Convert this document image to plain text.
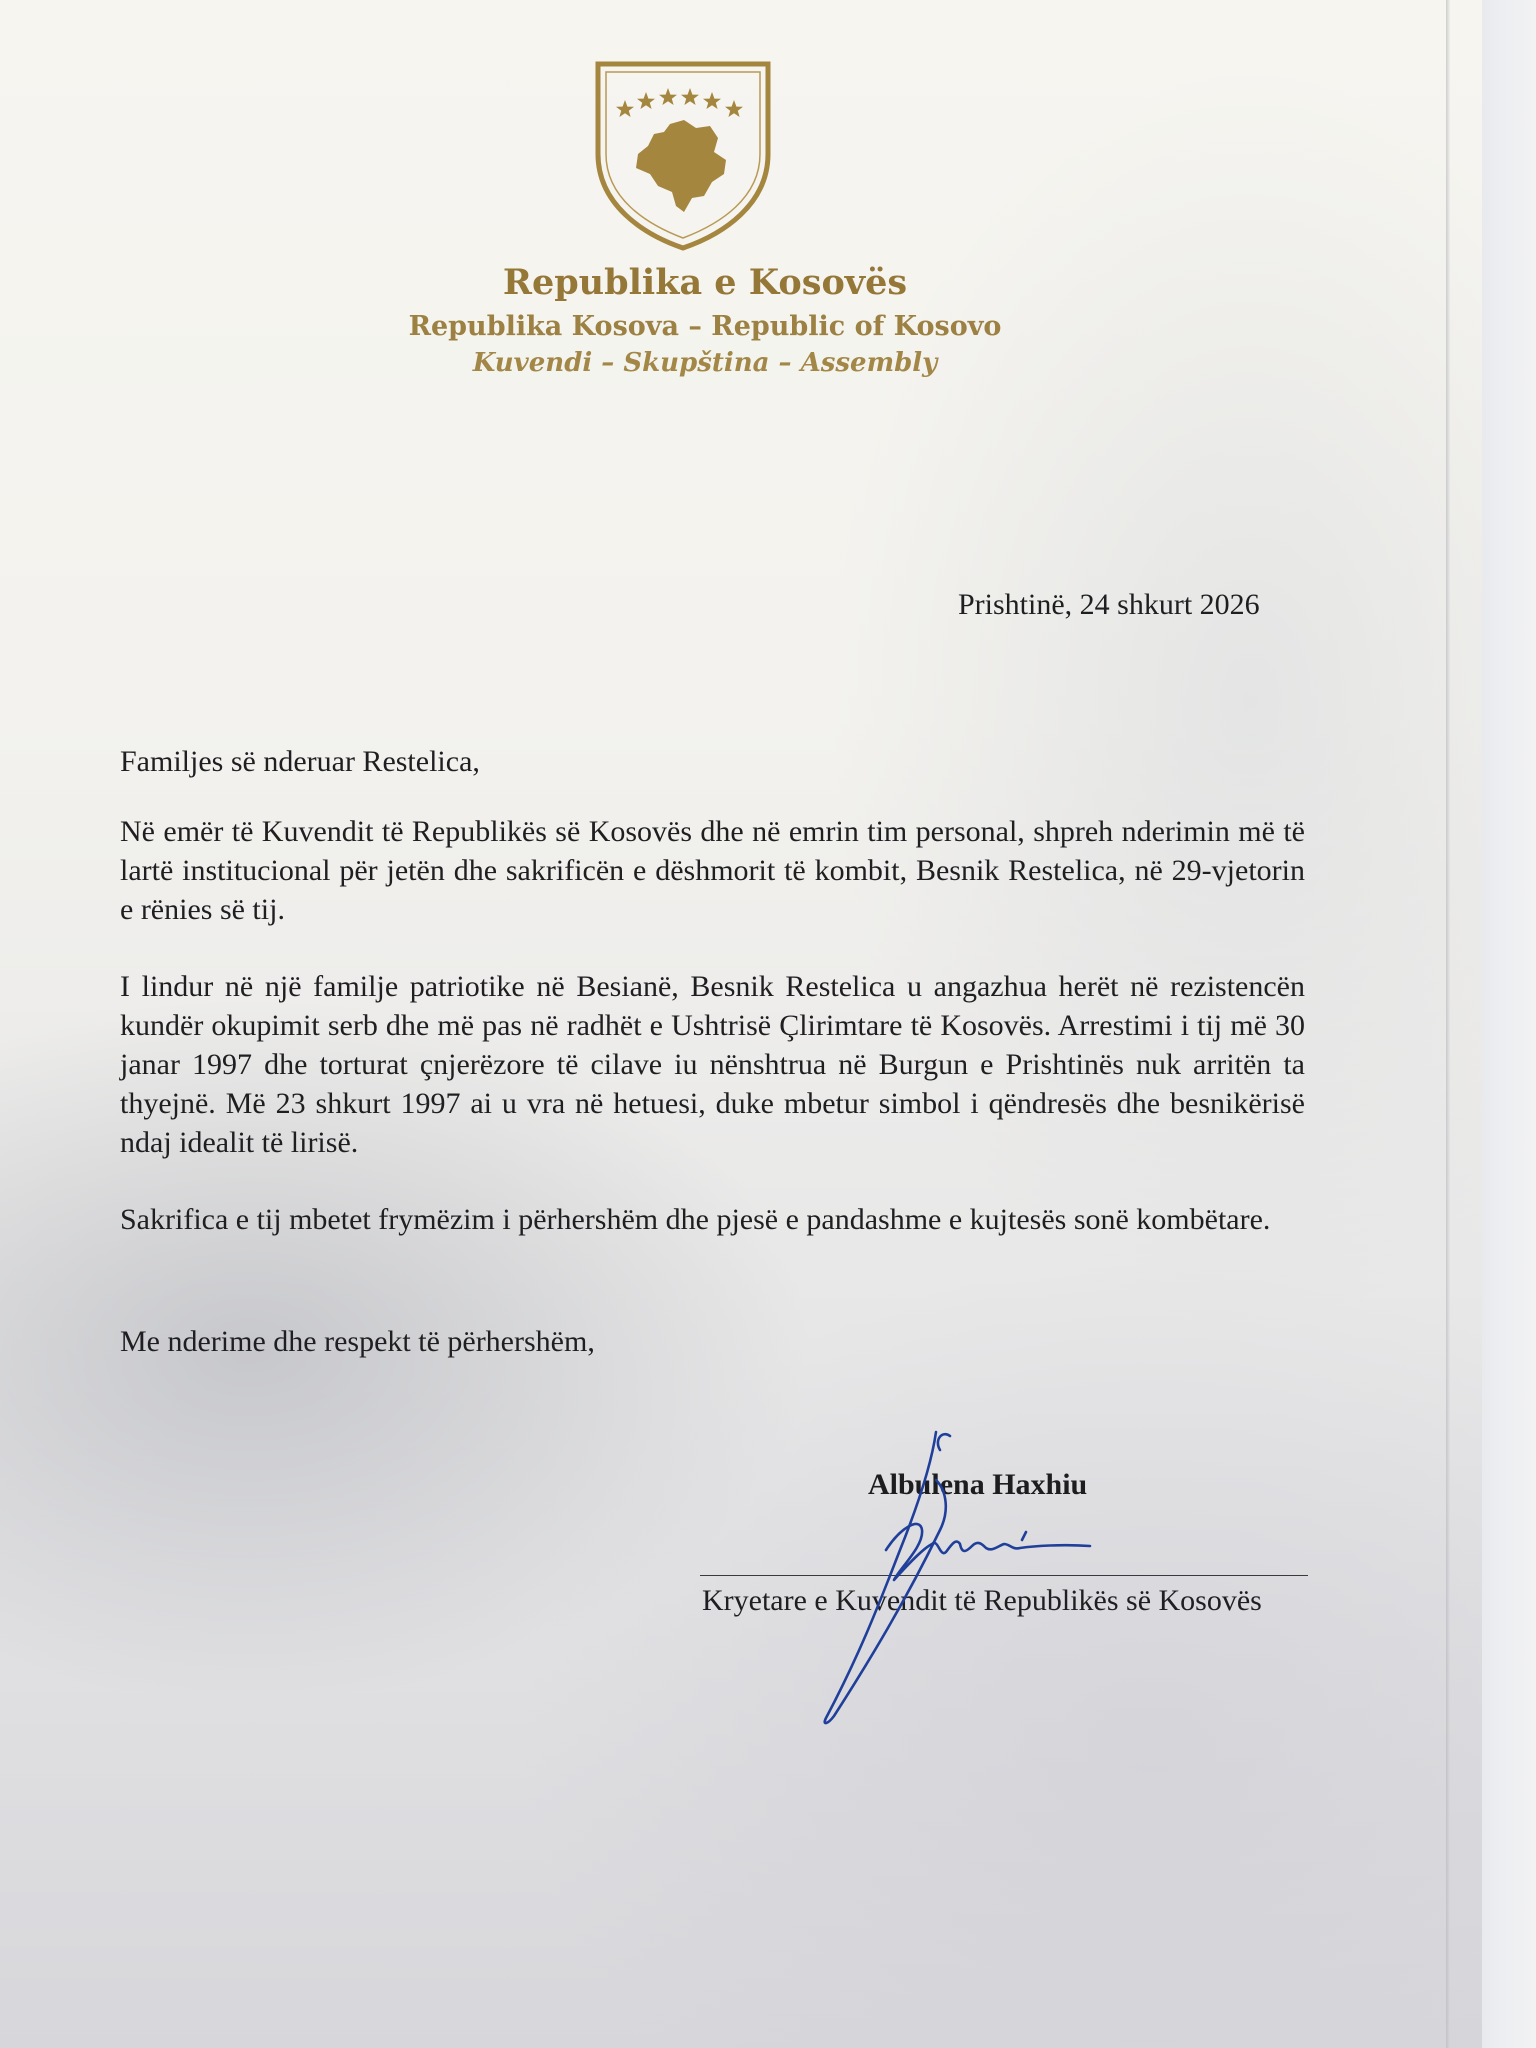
Republika e Kosovës
Republika Kosova – Republic of Kosovo
Kuvendi – Skupština – Assembly
Prishtinë, 24 shkurt 2026
Familjes së nderuar Restelica,
Në emër të Kuvendit të Republikës së Kosovës dhe në emrin tim personal, shpreh nderimin më të lartë institucional për jetën dhe sakrificën e dëshmorit të kombit, Besnik Restelica, në 29-vjetorin e rënies së tij.
I lindur në një familje patriotike në Besianë, Besnik Restelica u angazhua herët në rezistencën kundër okupimit serb dhe më pas në radhët e Ushtrisë Çlirimtare të Kosovës. Arrestimi i tij më 30 janar 1997 dhe torturat çnjerëzore të cilave iu nënshtrua në Burgun e Prishtinës nuk arritën ta thyejnë. Më 23 shkurt 1997 ai u vra në hetuesi, duke mbetur simbol i qëndresës dhe besnikërisë ndaj idealit të lirisë.
Sakrifica e tij mbetet frymëzim i përhershëm dhe pjesë e pandashme e kujtesës sonë kombëtare.
Me nderime dhe respekt të përhershëm,
Albulena Haxhiu
Kryetare e Kuvendit të Republikës së Kosovës
